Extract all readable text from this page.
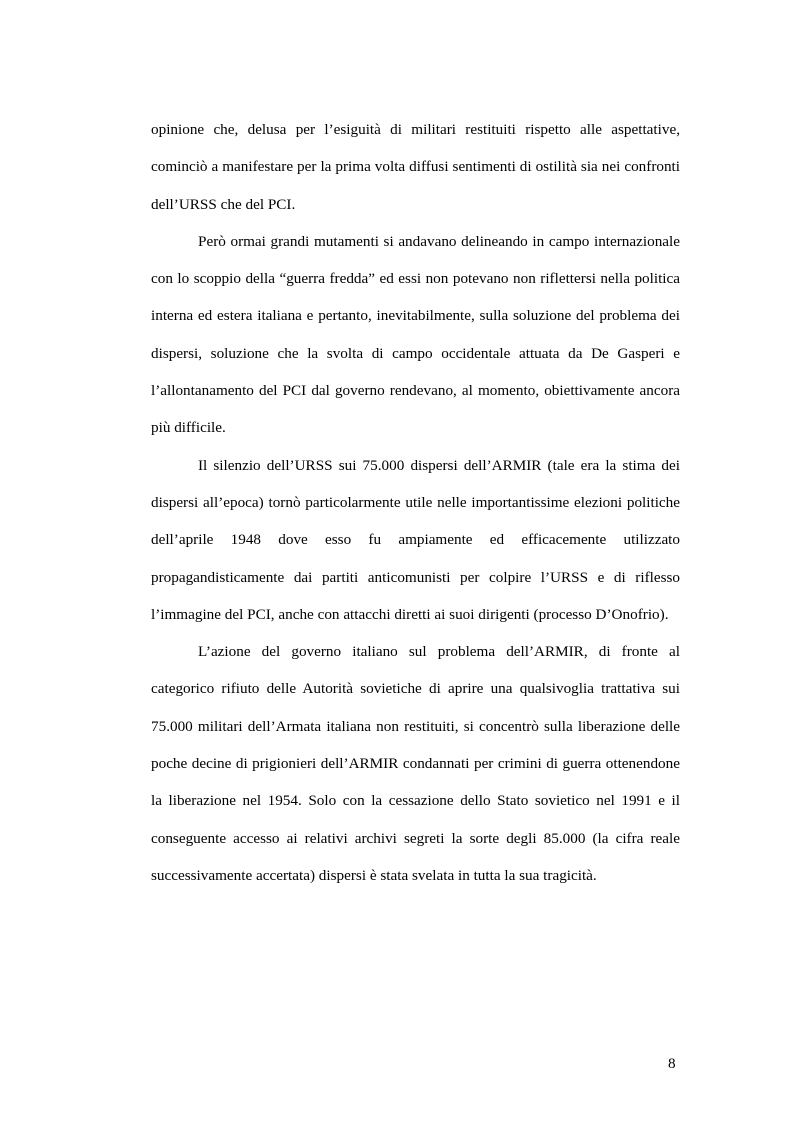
opinione che, delusa per l’esiguità di militari restituiti rispetto alle aspettative, cominciò a manifestare per la prima volta diffusi sentimenti di ostilità sia nei confronti dell’URSS che del PCI.

Però ormai grandi mutamenti si andavano delineando in campo internazionale con lo scoppio della “guerra fredda” ed essi non potevano non riflettersi nella politica interna ed estera italiana e pertanto, inevitabilmente, sulla soluzione del problema dei dispersi, soluzione che la svolta di campo occidentale attuata da De Gasperi e l’allontanamento del PCI dal governo rendevano, al momento, obiettivamente ancora più difficile.

Il silenzio dell’URSS sui 75.000 dispersi dell’ARMIR (tale era la stima dei dispersi all’epoca) tornò particolarmente utile nelle importantissime elezioni politiche dell’aprile 1948 dove esso fu ampiamente ed efficacemente utilizzato propagandisticamente dai partiti anticomunisti per colpire l’URSS e di riflesso l’immagine del PCI, anche con attacchi diretti ai suoi dirigenti (processo D’Onofrio).

L’azione del governo italiano sul problema dell’ARMIR, di fronte al categorico rifiuto delle Autorità sovietiche di aprire una qualsivoglia trattativa sui 75.000 militari dell’Armata italiana non restituiti, si concentrò sulla liberazione delle poche decine di prigionieri dell’ARMIR condannati per crimini di guerra ottenendone la liberazione nel 1954. Solo con la cessazione dello Stato sovietico nel 1991 e il conseguente accesso ai relativi archivi segreti la sorte degli 85.000 (la cifra reale successivamente accertata) dispersi è stata svelata in tutta la sua tragicità.

8
